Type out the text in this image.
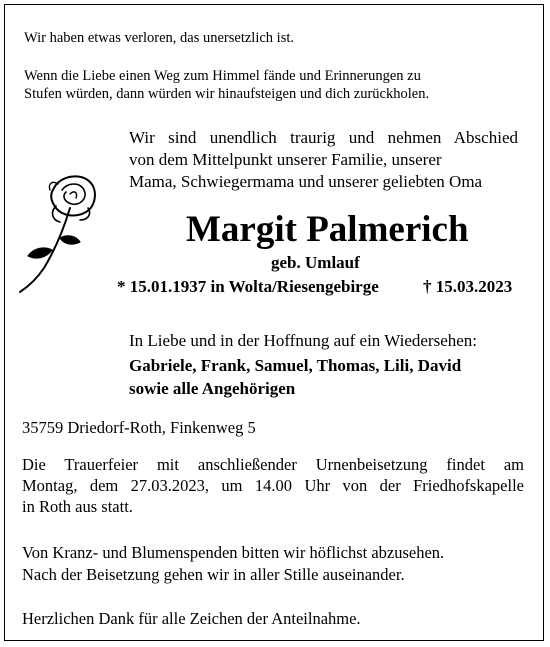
Wir haben etwas verloren, das unersetzlich ist.
Wenn die Liebe einen Weg zum Himmel fände und Erinnerungen zu
Stufen würden, dann würden wir hinaufsteigen und dich zurückholen.
Wir sind unendlich traurig und nehmen Abschied
von dem Mittelpunkt unserer Familie, unserer
Mama, Schwiegermama und unserer geliebten Oma
Margit Palmerich
geb. Umlauf
* 15.01.1937 in Wolta/Riesengebirge	† 15.03.2023
In Liebe und in der Hoffnung auf ein Wiedersehen:
Gabriele, Frank, Samuel, Thomas, Lili, David
sowie alle Angehörigen
35759 Driedorf-Roth, Finkenweg 5
Die Trauerfeier mit anschließender Urnenbeisetzung findet am
Montag, dem 27.03.2023, um 14.00 Uhr von der Friedhofskapelle
in Roth aus statt.
Von Kranz- und Blumenspenden bitten wir höflichst abzusehen.
Nach der Beisetzung gehen wir in aller Stille auseinander.
Herzlichen Dank für alle Zeichen der Anteilnahme.
